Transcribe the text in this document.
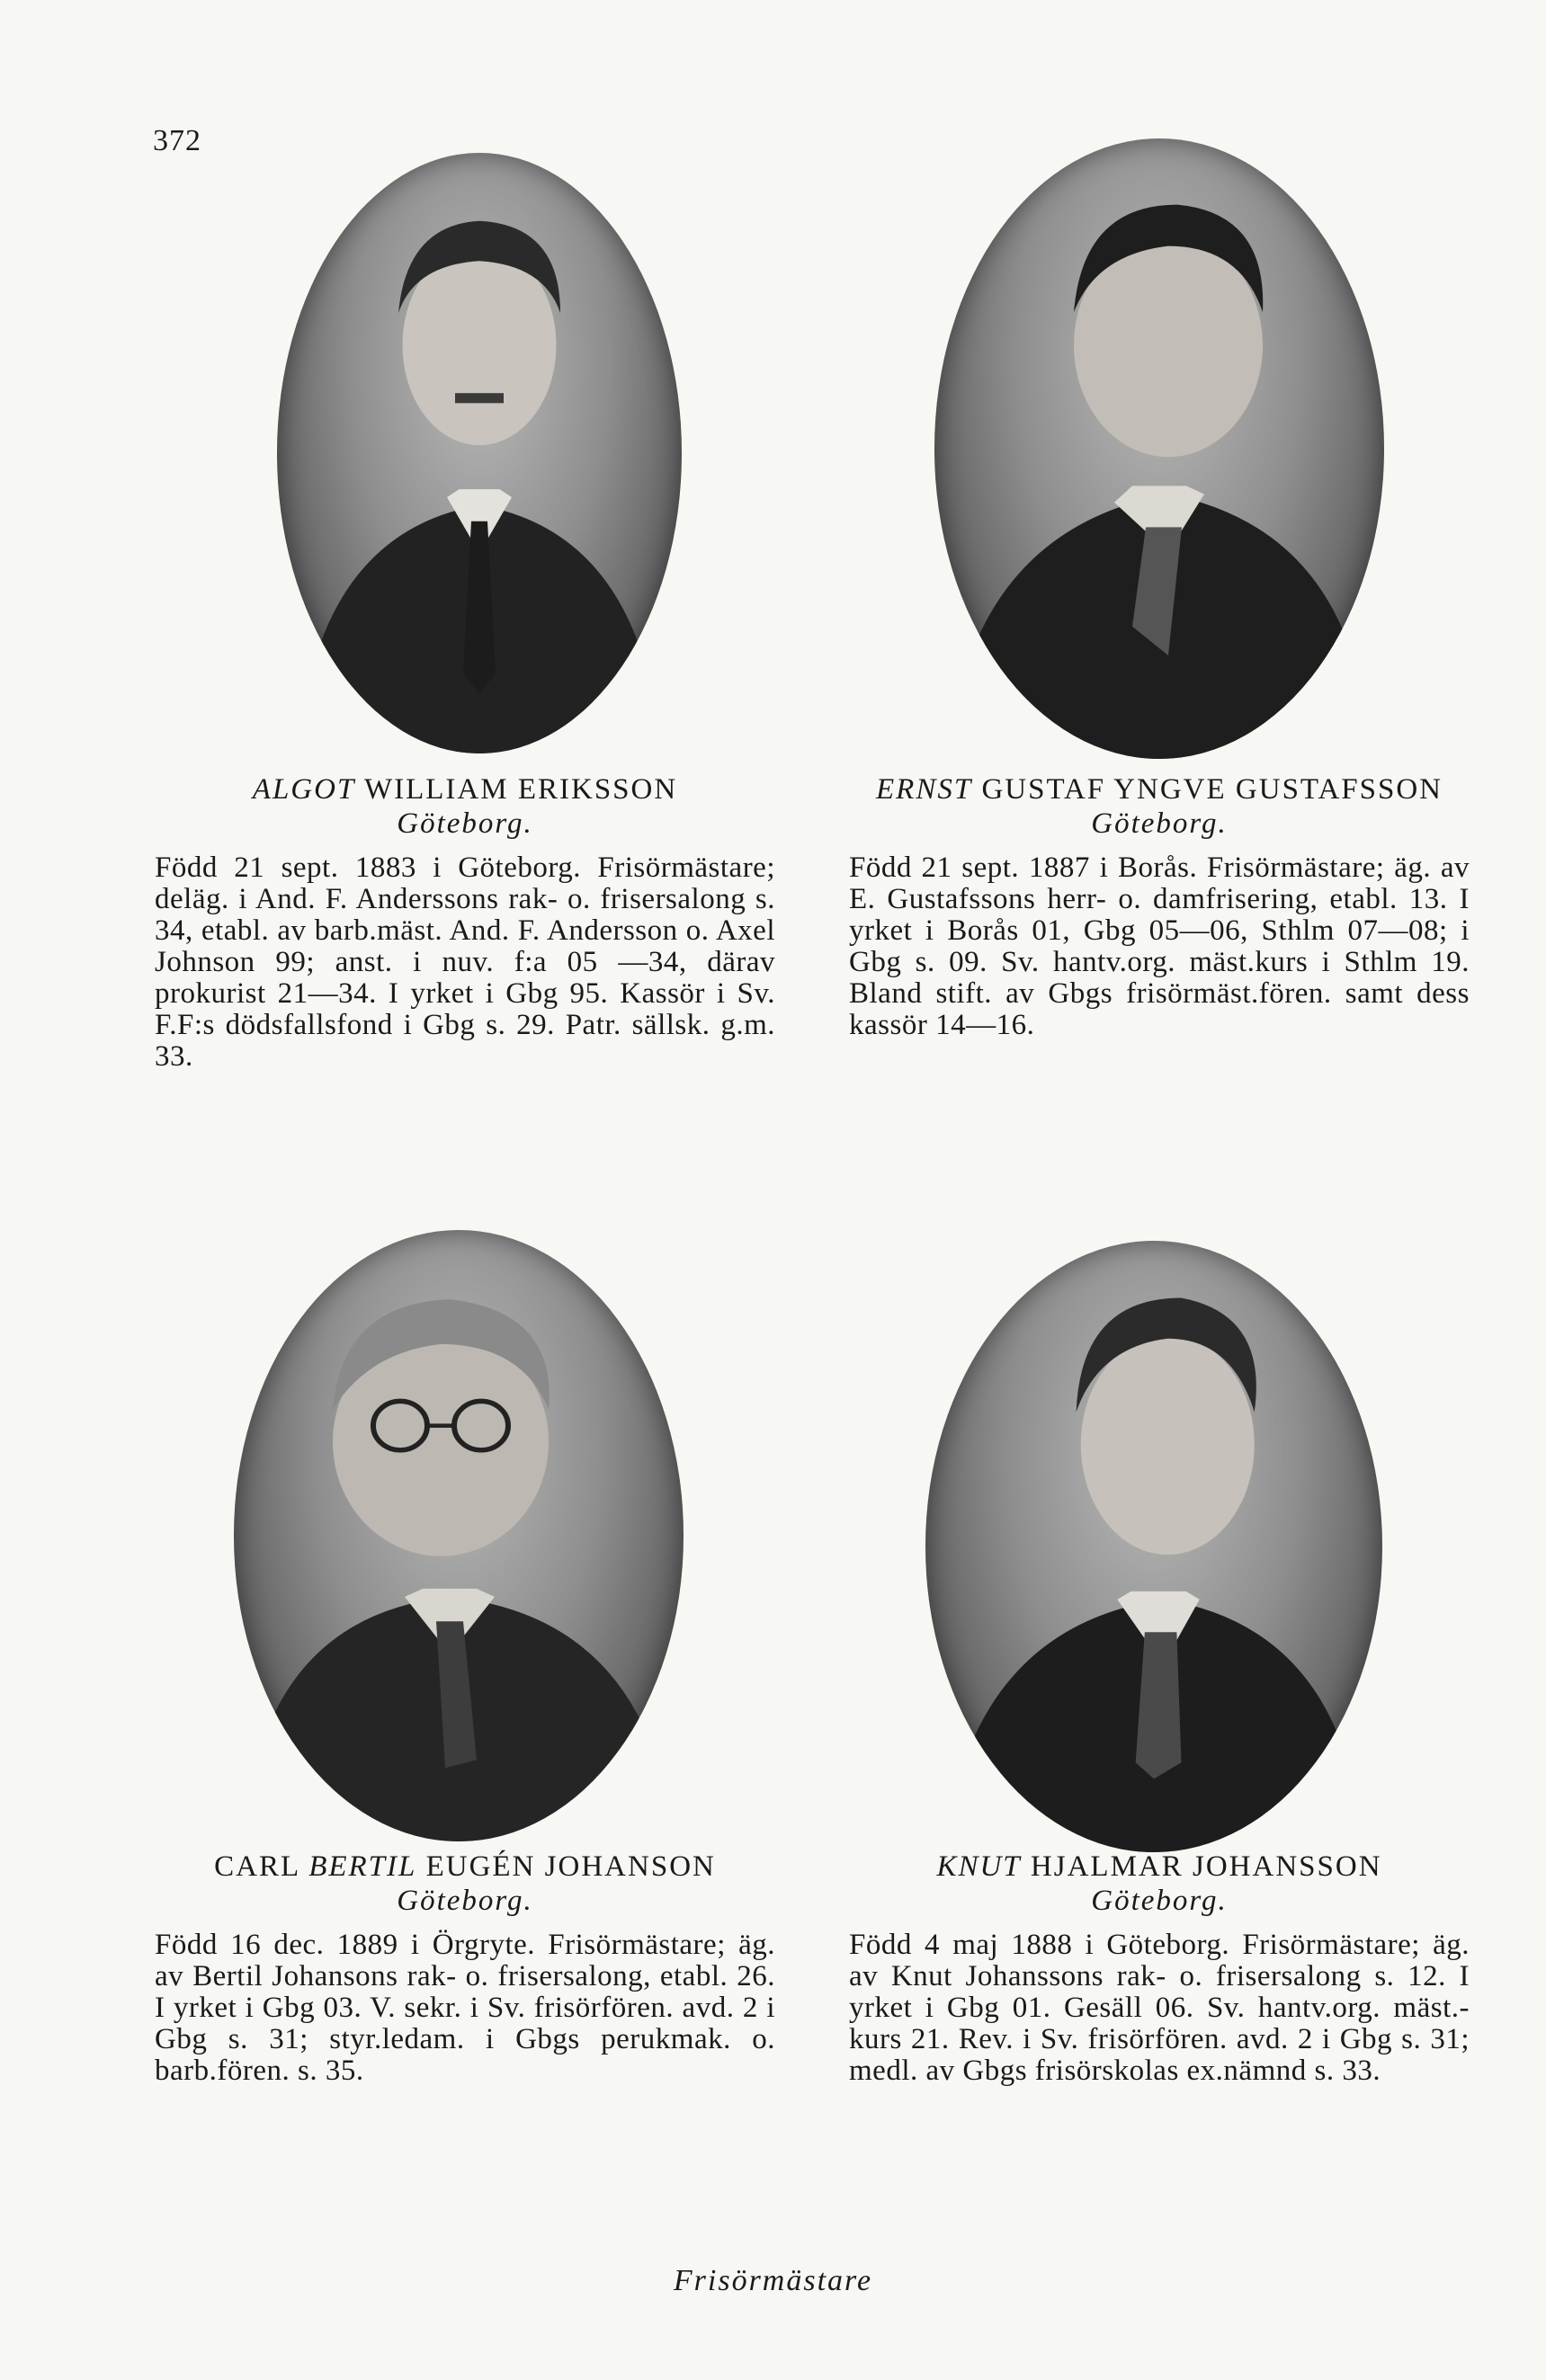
372
ALGOT WILLIAM ERIKSSON
Göteborg.
Född 21 sept. 1883 i Göteborg. Frisörmästare; deläg. i And. F. Anderssons rak- o. frisersalong s. 34, etabl. av barb.mäst. And. F. Andersson o. Axel Johnson 99; anst. i nuv. f:a 05 —34, därav prokurist 21—34. I yrket i Gbg 95. Kassör i Sv. F.F:s dödsfallsfond i Gbg s. 29. Patr. sällsk. g.m. 33.
ERNST GUSTAF YNGVE GUSTAFSSON
Göteborg.
Född 21 sept. 1887 i Borås. Frisörmästare; äg. av E. Gustafssons herr- o. damfrisering, etabl. 13. I yrket i Borås 01, Gbg 05—06, Sthlm 07—08; i Gbg s. 09. Sv. hantv.org. mäst.kurs i Sthlm 19. Bland stift. av Gbgs frisörmäst.fören. samt dess kassör 14—16.
CARL BERTIL EUGÉN JOHANSON
Göteborg.
Född 16 dec. 1889 i Örgryte. Frisörmästare; äg. av Bertil Johansons rak- o. frisersalong, etabl. 26. I yrket i Gbg 03. V. sekr. i Sv. frisörfören. avd. 2 i Gbg s. 31; styr.ledam. i Gbgs perukmak. o. barb.fören. s. 35.
KNUT HJALMAR JOHANSSON
Göteborg.
Född 4 maj 1888 i Göteborg. Frisörmästare; äg. av Knut Johanssons rak- o. frisersalong s. 12. I yrket i Gbg 01. Gesäll 06. Sv. hantv.org. mäst.-kurs 21. Rev. i Sv. frisörfören. avd. 2 i Gbg s. 31; medl. av Gbgs frisörskolas ex.nämnd s. 33.
Frisörmästare
